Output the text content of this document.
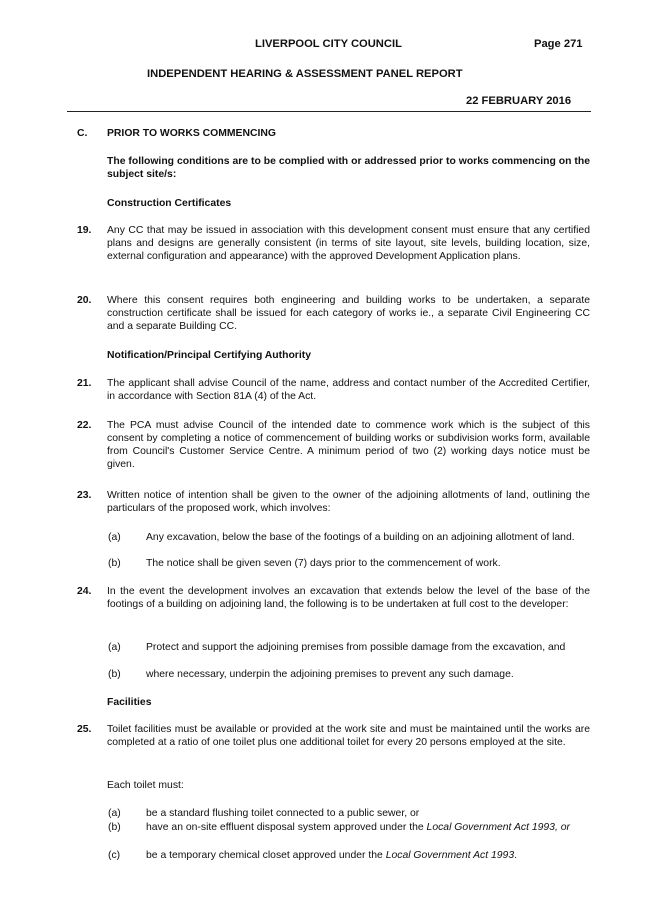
LIVERPOOL CITY COUNCIL	Page 271
INDEPENDENT HEARING & ASSESSMENT PANEL REPORT
22 FEBRUARY 2016
C. PRIOR TO WORKS COMMENCING
The following conditions are to be complied with or addressed prior to works commencing on the subject site/s:
Construction Certificates
19. Any CC that may be issued in association with this development consent must ensure that any certified plans and designs are generally consistent (in terms of site layout, site levels, building location, size, external configuration and appearance) with the approved Development Application plans.
20. Where this consent requires both engineering and building works to be undertaken, a separate construction certificate shall be issued for each category of works ie., a separate Civil Engineering CC and a separate Building CC.
Notification/Principal Certifying Authority
21. The applicant shall advise Council of the name, address and contact number of the Accredited Certifier, in accordance with Section 81A (4) of the Act.
22. The PCA must advise Council of the intended date to commence work which is the subject of this consent by completing a notice of commencement of building works or subdivision works form, available from Council's Customer Service Centre. A minimum period of two (2) working days notice must be given.
23. Written notice of intention shall be given to the owner of the adjoining allotments of land, outlining the particulars of the proposed work, which involves:
(a) Any excavation, below the base of the footings of a building on an adjoining allotment of land.
(b) The notice shall be given seven (7) days prior to the commencement of work.
24. In the event the development involves an excavation that extends below the level of the base of the footings of a building on adjoining land, the following is to be undertaken at full cost to the developer:
(a) Protect and support the adjoining premises from possible damage from the excavation, and
(b) where necessary, underpin the adjoining premises to prevent any such damage.
Facilities
25. Toilet facilities must be available or provided at the work site and must be maintained until the works are completed at a ratio of one toilet plus one additional toilet for every 20 persons employed at the site.
Each toilet must:
(a) be a standard flushing toilet connected to a public sewer, or
(b) have an on-site effluent disposal system approved under the Local Government Act 1993, or
(c) be a temporary chemical closet approved under the Local Government Act 1993.
